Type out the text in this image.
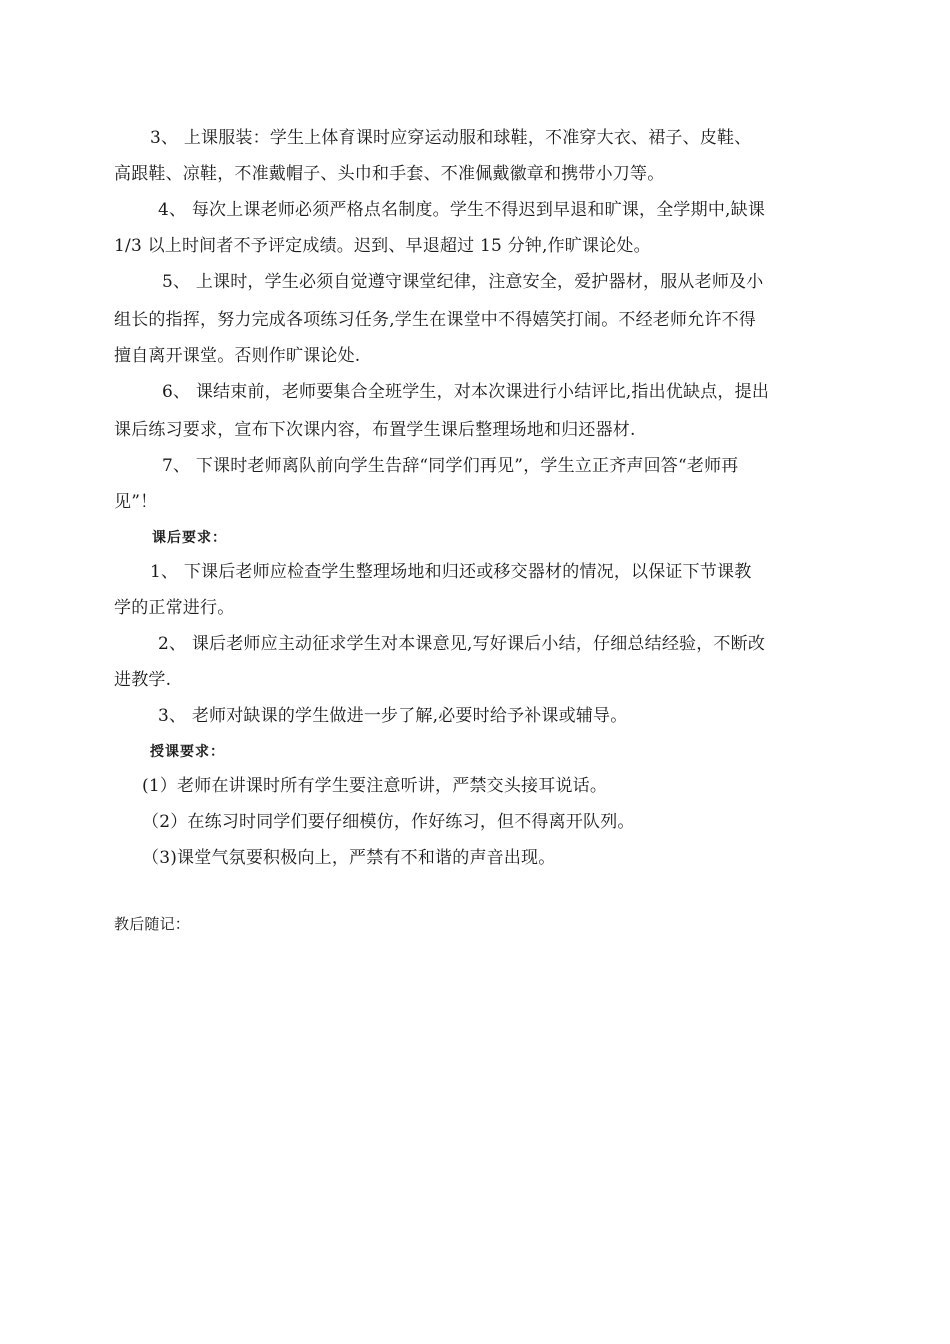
3、 上课服装：学生上体育课时应穿运动服和球鞋，不准穿大衣、裙子、皮鞋、
高跟鞋、凉鞋，不准戴帽子、头巾和手套、不准佩戴徽章和携带小刀等。
4、 每次上课老师必须严格点名制度。学生不得迟到早退和旷课，全学期中,缺课
1/3 以上时间者不予评定成绩。迟到、早退超过 15 分钟,作旷课论处。
5、 上课时，学生必须自觉遵守课堂纪律，注意安全，爱护器材，服从老师及小
组长的指挥，努力完成各项练习任务,学生在课堂中不得嬉笑打闹。不经老师允许不得
擅自离开课堂。否则作旷课论处.
6、 课结束前，老师要集合全班学生，对本次课进行小结评比,指出优缺点，提出
课后练习要求，宣布下次课内容，布置学生课后整理场地和归还器材.
7、 下课时老师离队前向学生告辞“同学们再见”，学生立正齐声回答“老师再
见”！
课后要求：
1、 下课后老师应检查学生整理场地和归还或移交器材的情况，以保证下节课教
学的正常进行。
2、 课后老师应主动征求学生对本课意见,写好课后小结，仔细总结经验，不断改
进教学.
3、 老师对缺课的学生做进一步了解,必要时给予补课或辅导。
授课要求：
(1）老师在讲课时所有学生要注意听讲，严禁交头接耳说话。
（2）在练习时同学们要仔细模仿，作好练习，但不得离开队列。
（3)课堂气氛要积极向上，严禁有不和谐的声音出现。
教后随记：
